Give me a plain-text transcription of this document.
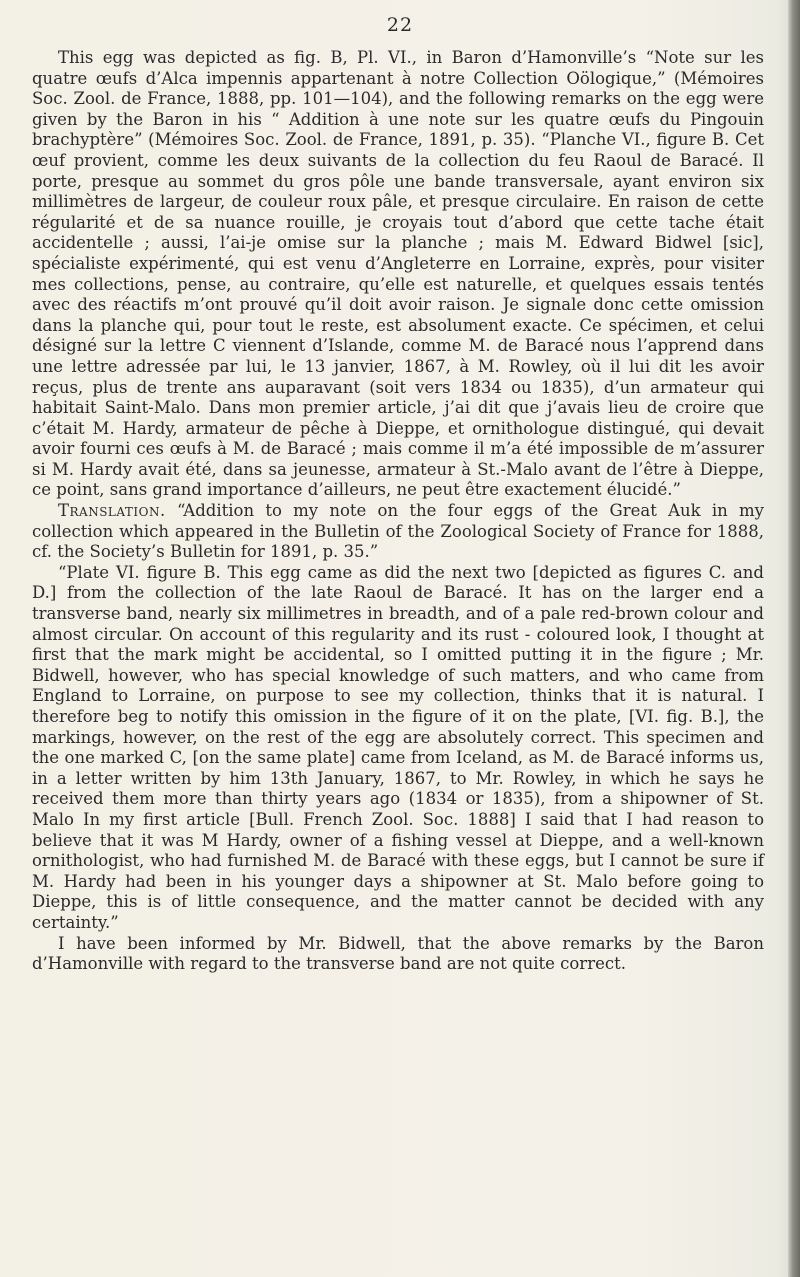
22

This egg was depicted as fig. B, Pl. VI., in Baron d’Hamonville’s “Note sur les quatre œufs d’Alca impennis appartenant à notre Collection Oölogique,” (Mémoires Soc. Zool. de France, 1888, pp. 101—104), and the following remarks on the egg were given by the Baron in his “ Addition à une note sur les quatre œufs du Pingouin brachyptère” (Mémoires Soc. Zool. de France, 1891, p. 35). “Planche VI., figure B. Cet œuf provient, comme les deux suivants de la collection du feu Raoul de Baracé. Il porte, presque au sommet du gros pôle une bande transversale, ayant environ six millimètres de largeur, de couleur roux pâle, et presque circulaire. En raison de cette régularité et de sa nuance rouille, je croyais tout d’abord que cette tache était accidentelle ; aussi, l’ai-je omise sur la planche ; mais M. Edward Bidwel [sic], spécialiste expérimenté, qui est venu d’Angleterre en Lorraine, exprès, pour visiter mes collections, pense, au contraire, qu’elle est naturelle, et quelques essais tentés avec des réactifs m’ont prouvé qu’il doit avoir raison. Je signale donc cette omission dans la planche qui, pour tout le reste, est absolument exacte. Ce spécimen, et celui désigné sur la lettre C viennent d’Islande, comme M. de Baracé nous l’apprend dans une lettre adressée par lui, le 13 janvier, 1867, à M. Rowley, où il lui dit les avoir reçus, plus de trente ans auparavant (soit vers 1834 ou 1835), d’un armateur qui habitait Saint-Malo. Dans mon premier article, j’ai dit que j’avais lieu de croire que c’était M. Hardy, armateur de pêche à Dieppe, et ornithologue distingué, qui devait avoir fourni ces œufs à M. de Baracé ; mais comme il m’a été impossible de m’assurer si M. Hardy avait été, dans sa jeunesse, armateur à St.-Malo avant de l’être à Dieppe, ce point, sans grand importance d’ailleurs, ne peut être exactement élucidé.”

Translation. “Addition to my note on the four eggs of the Great Auk in my collection which appeared in the Bulletin of the Zoological Society of France for 1888, cf. the Society’s Bulletin for 1891, p. 35.”

“Plate VI. figure B. This egg came as did the next two [depicted as figures C. and D.] from the collection of the late Raoul de Baracé. It has on the larger end a transverse band, nearly six millimetres in breadth, and of a pale red-brown colour and almost circular. On account of this regularity and its rust - coloured look, I thought at first that the mark might be accidental, so I omitted putting it in the figure ; Mr. Bidwell, however, who has special knowledge of such matters, and who came from England to Lorraine, on purpose to see my collection, thinks that it is natural. I therefore beg to notify this omission in the figure of it on the plate, [VI. fig. B.], the markings, however, on the rest of the egg are absolutely correct. This specimen and the one marked C, [on the same plate] came from Iceland, as M. de Baracé informs us, in a letter written by him 13th January, 1867, to Mr. Rowley, in which he says he received them more than thirty years ago (1834 or 1835), from a shipowner of St. Malo In my first article [Bull. French Zool. Soc. 1888] I said that I had reason to believe that it was M Hardy, owner of a fishing vessel at Dieppe, and a well-known ornithologist, who had furnished M. de Baracé with these eggs, but I cannot be sure if M. Hardy had been in his younger days a shipowner at St. Malo before going to Dieppe, this is of little consequence, and the matter cannot be decided with any certainty.”

I have been informed by Mr. Bidwell, that the above remarks by the Baron d’Hamonville with regard to the transverse band are not quite correct.
